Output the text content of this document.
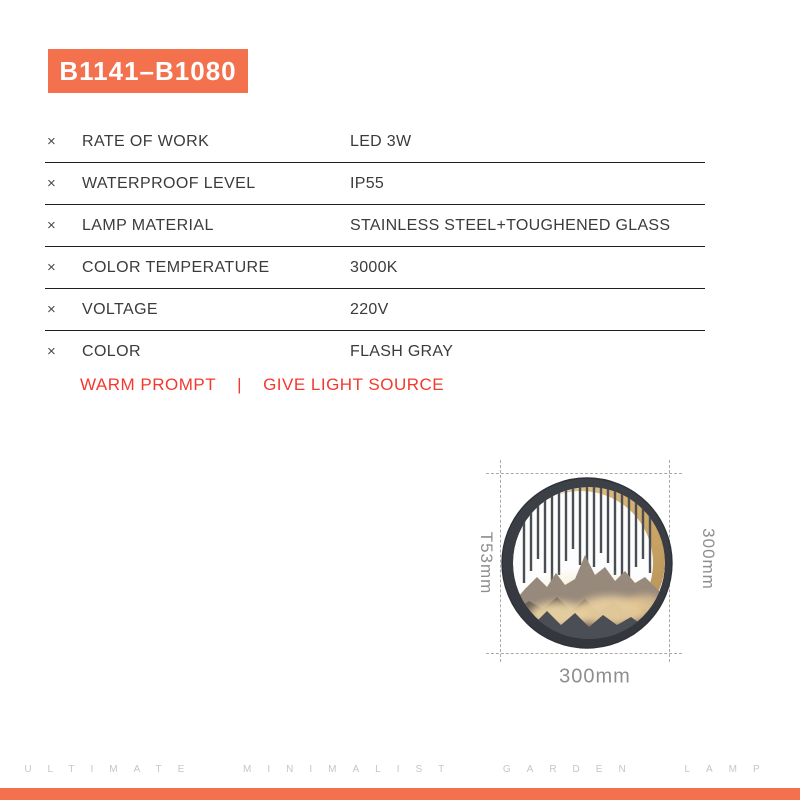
B1141–B1080
×	RATE OF WORK	LED 3W
×	WATERPROOF LEVEL	IP55
×	LAMP MATERIAL	STAINLESS STEEL+TOUGHENED GLASS
×	COLOR TEMPERATURE	3000K
×	VOLTAGE	220V
×	COLOR	FLASH GRAY
WARM PROMPT | GIVE LIGHT SOURCE
T53mm	300mm
300mm
ULTIMATE MINIMALIST GARDEN LAMP
